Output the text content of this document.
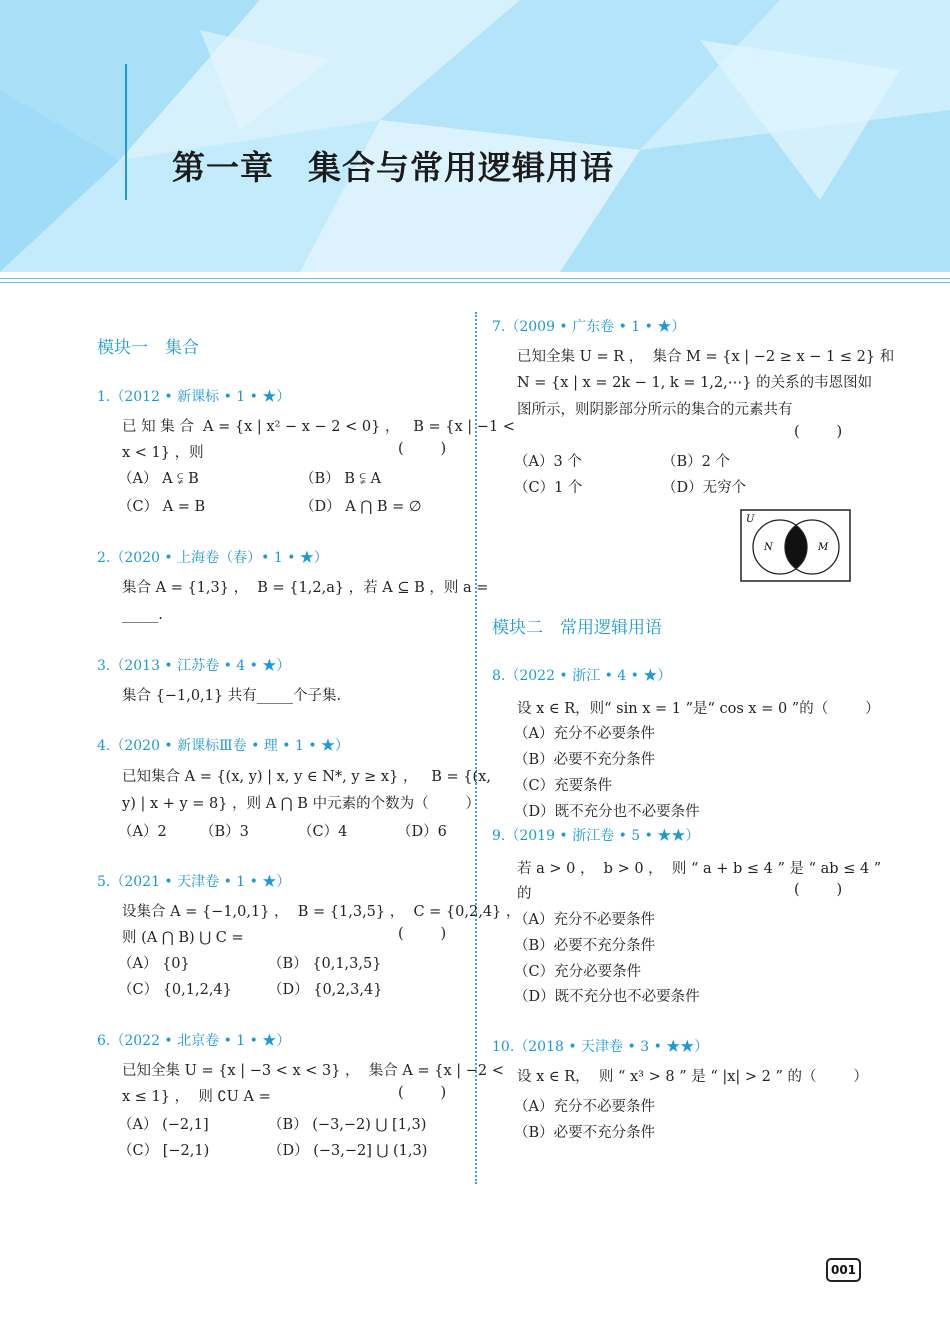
第一章　集合与常用逻辑用语
模块一　集合
1.（2012 • 新课标 • 1 • ★）
已 知 集 合  A = {x | x² − x − 2 < 0} ，   B = {x | −1 <
x < 1} ，则	(        )
（A） A ⫋ B	（B） B ⫋ A
（C） A = B	（D） A ⋂ B = ∅
2.（2020 • 上海卷（春）• 1 • ★）
集合 A = {1,3} ，  B = {1,2,a} ，若 A ⊆ B ，则 a =
_____.
3.（2013 • 江苏卷 • 4 • ★）
集合 {−1,0,1} 共有_____个子集.
4.（2020 • 新课标Ⅲ卷 • 理 • 1 • ★）
已知集合 A = {(x, y) | x, y ∈ N*, y ≥ x} ，   B = {(x,
y) | x + y = 8} ，则 A ⋂ B 中元素的个数为（        ）
（A）2 （B）3	（C）4	（D）6
5.（2021 • 天津卷 • 1 • ★）
设集合 A = {−1,0,1} ，  B = {1,3,5} ，  C = {0,2,4} ，
则 (A ⋂ B) ⋃ C =	(        )
（A） {0}	（B） {0,1,3,5}
（C） {0,1,2,4} （D） {0,2,3,4}
6.（2022 • 北京卷 • 1 • ★）
已知全集 U = {x | −3 < x < 3} ，  集合 A = {x | −2 <
x ≤ 1} ，  则 ∁U A =	(        )
（A） (−2,1]	（B） (−3,−2) ⋃ [1,3)
（C） [−2,1)	（D） (−3,−2] ⋃ (1,3)
7.（2009 • 广东卷 • 1 • ★）
已知全集 U = R ，  集合 M = {x | −2 ≥ x − 1 ≤ 2} 和
N = {x | x = 2k − 1, k = 1,2,⋯} 的关系的韦恩图如
图所示，则阴影部分所示的集合的元素共有
(        )
（A）3 个	（B）2 个
（C）1 个	（D）无穷个
U
N	M
模块二　常用逻辑用语
8.（2022 • 浙江 • 4 • ★）
设 x ∈ R，则“ sin x = 1 ”是“ cos x = 0 ”的（        ）
（A）充分不必要条件
（B）必要不充分条件
（C）充要条件
（D）既不充分也不必要条件
9.（2019 • 浙江卷 • 5 • ★★）
若 a > 0 ，  b > 0 ，  则 “ a + b ≤ 4 ” 是 “ ab ≤ 4 ”
的	(        )
（A）充分不必要条件
（B）必要不充分条件
（C）充分必要条件
（D）既不充分也不必要条件
10.（2018 • 天津卷 • 3 • ★★）
设 x ∈ R，  则 “ x³ > 8 ” 是 “ |x| > 2 ” 的（        ）
（A）充分不必要条件
（B）必要不充分条件
001
